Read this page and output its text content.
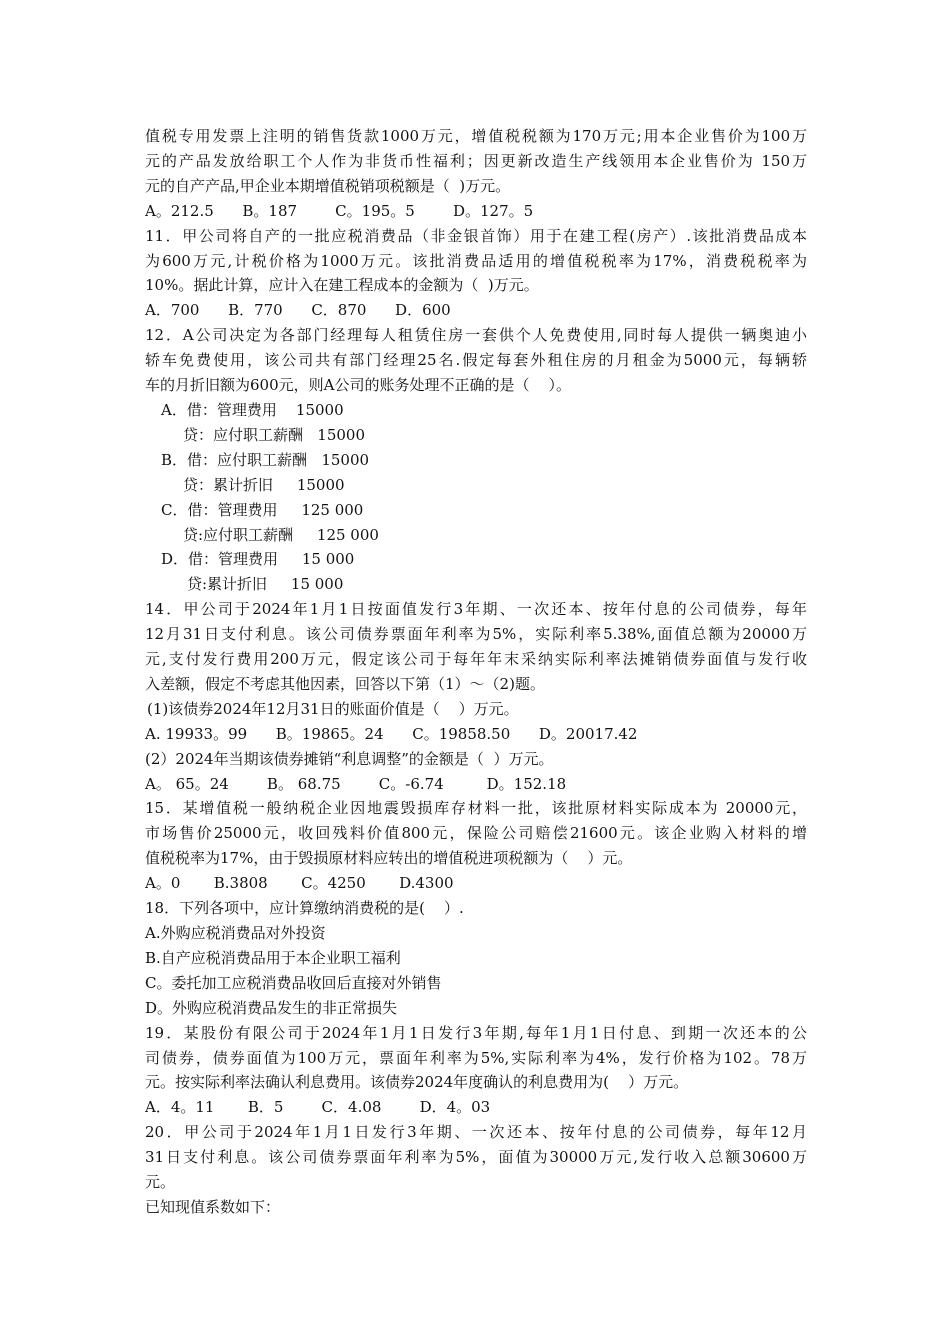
值税专用发票上注明的销售货款1000万元，增值税税额为170万元;用本企业售价为100万
元的产品发放给职工个人作为非货币性福利；因更新改造生产线领用本企业售价为 150万
元的自产产品,甲企业本期增值税销项税额是（  )万元。
A。212.5      B。187        C。195。5        D。127。5
11．甲公司将自产的一批应税消费品（非金银首饰）用于在建工程(房产）.该批消费品成本
为600万元,计税价格为1000万元。该批消费品适用的增值税税率为17%，消费税税率为
10%。据此计算，应计入在建工程成本的金额为（  )万元。
A．700      B．770      C．870      D．600
12．A公司决定为各部门经理每人租赁住房一套供个人免费使用,同时每人提供一辆奥迪小
轿车免费使用，该公司共有部门经理25名.假定每套外租住房的月租金为5000元，每辆轿
车的月折旧额为600元，则A公司的账务处理不正确的是（    ）。
A．借：管理费用    15000
贷：应付职工薪酬   15000
B．借：应付职工薪酬   15000
贷：累计折旧     15000
C．借：管理费用     125 000
贷:应付职工薪酬     125 000
D．借：管理费用     15 000
贷:累计折旧     15 000
14．甲公司于2024年1月1日按面值发行3年期、一次还本、按年付息的公司债券，每年
12月31日支付利息。该公司债券票面年利率为5%，实际利率5.38%,面值总额为20000万
元,支付发行费用200万元，假定该公司于每年年末采纳实际利率法摊销债券面值与发行收
入差额，假定不考虑其他因素，回答以下第（1）～（2)题。
(1)该债券2024年12月31日的账面价值是（    ）万元。
A. 19933。99      B。19865。24      C。19858.50      D。20017.42
(2）2024年当期该债券摊销“利息调整”的金额是（  ）万元。
A。 65。24        B。 68.75        C。-6.74         D。152.18
15．某增值税一般纳税企业因地震毁损库存材料一批，该批原材料实际成本为 20000元，
市场售价25000元，收回残料价值800元，保险公司赔偿21600元。该企业购入材料的增
值税税率为17%，由于毁损原材料应转出的增值税进项税额为（    ）元。
A。0       B.3808       C。4250       D.4300
18．下列各项中，应计算缴纳消费税的是(    ）.
A.外购应税消费品对外投资
B.自产应税消费品用于本企业职工福利
C。委托加工应税消费品收回后直接对外销售
D。外购应税消费品发生的非正常损失
19．某股份有限公司于2024年1月1日发行3年期,每年1月1日付息、到期一次还本的公
司债券，债券面值为100万元，票面年利率为5%,实际利率为4%，发行价格为102。78万
元。按实际利率法确认利息费用。该债券2024年度确认的利息费用为(    ）万元。
A．4。11       B．5        C．4.08        D．4。03
20．甲公司于2024年1月1日发行3年期、一次还本、按年付息的公司债券，每年12月
31日支付利息。该公司债券票面年利率为5%，面值为30000万元,发行收入总额30600万
元。
已知现值系数如下：
